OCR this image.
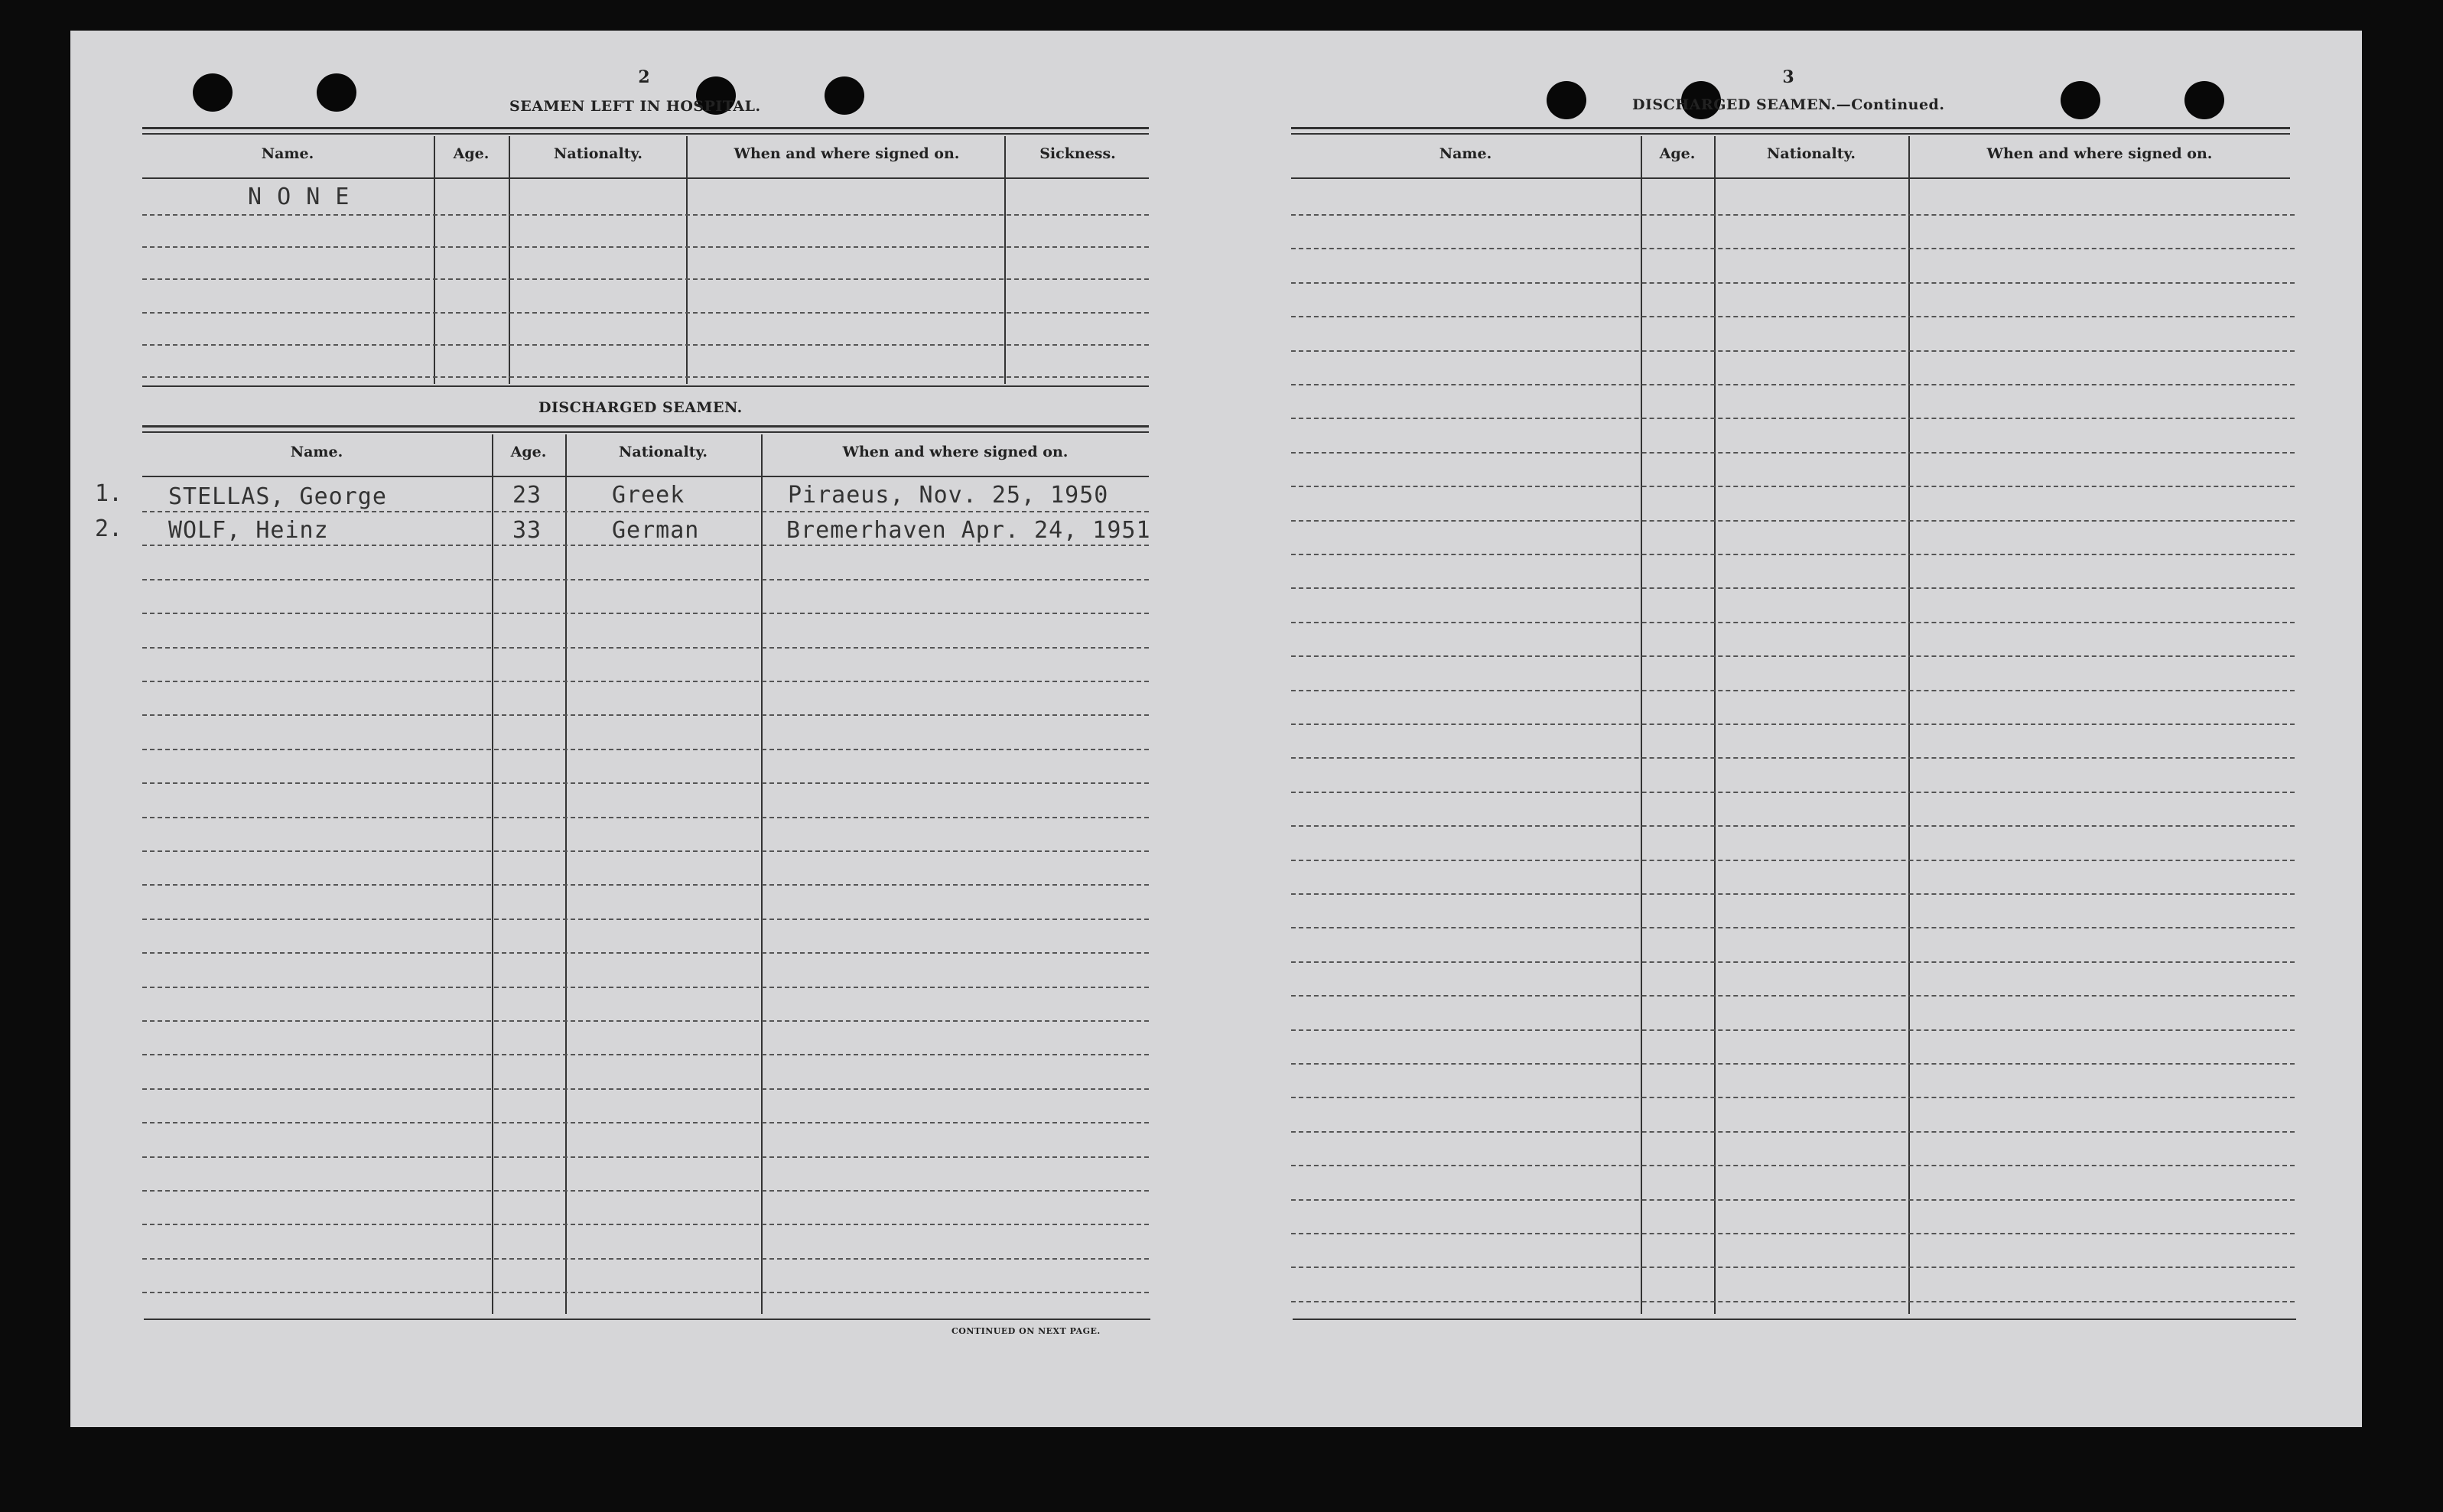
2
SEAMEN LEFT IN HOSPITAL.
Name.	Age.	Nationalty.	When and where signed on.	Sickness.
N O N E
DISCHARGED SEAMEN.
Name.	Age.	Nationalty.	When and where signed on.
1. STELLAS, George	23	Greek	Piraeus, Nov. 25, 1950
2. WOLF, Heinz	33	German	Bremerhaven Apr. 24, 1951
CONTINUED ON NEXT PAGE.
3
DISCHARGED SEAMEN.—Continued.
Name.	Age.	Nationalty.	When and where signed on.
